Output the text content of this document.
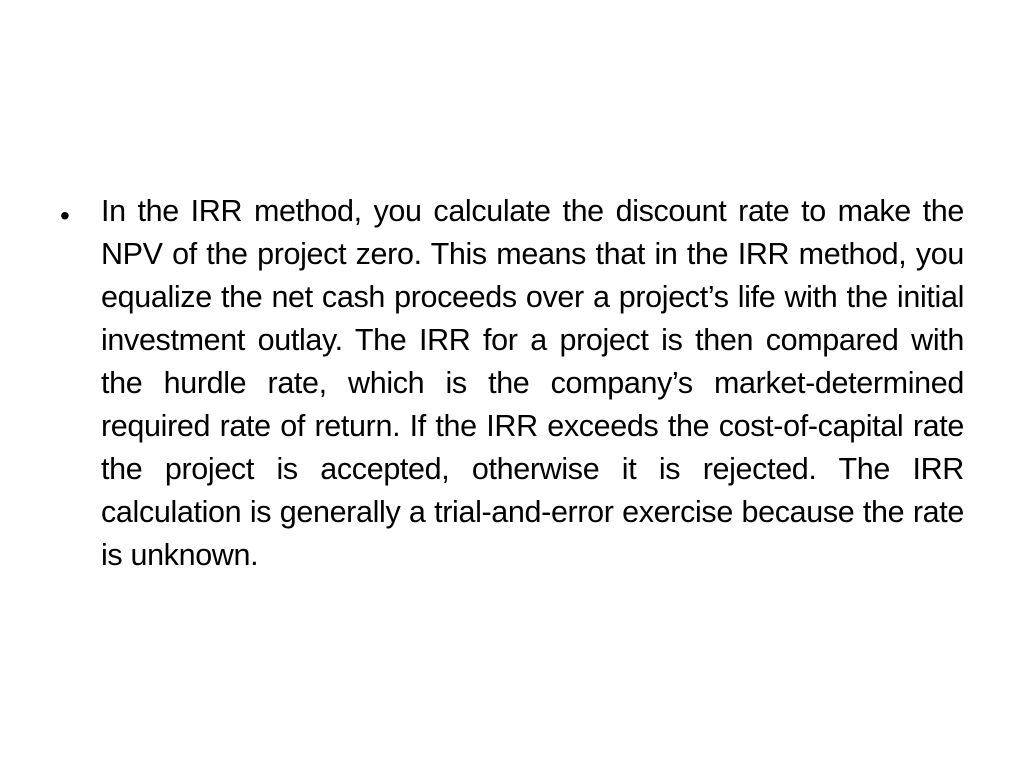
• In the IRR method, you calculate the discount rate to make the NPV of the project zero. This means that in the IRR method, you equalize the net cash proceeds over a project’s life with the initial investment outlay. The IRR for a project is then compared with the hurdle rate, which is the company’s market-determined required rate of return. If the IRR exceeds the cost-of-capital rate the project is accepted, otherwise it is rejected. The IRR calculation is generally a trial-and-error exercise because the rate is unknown.
